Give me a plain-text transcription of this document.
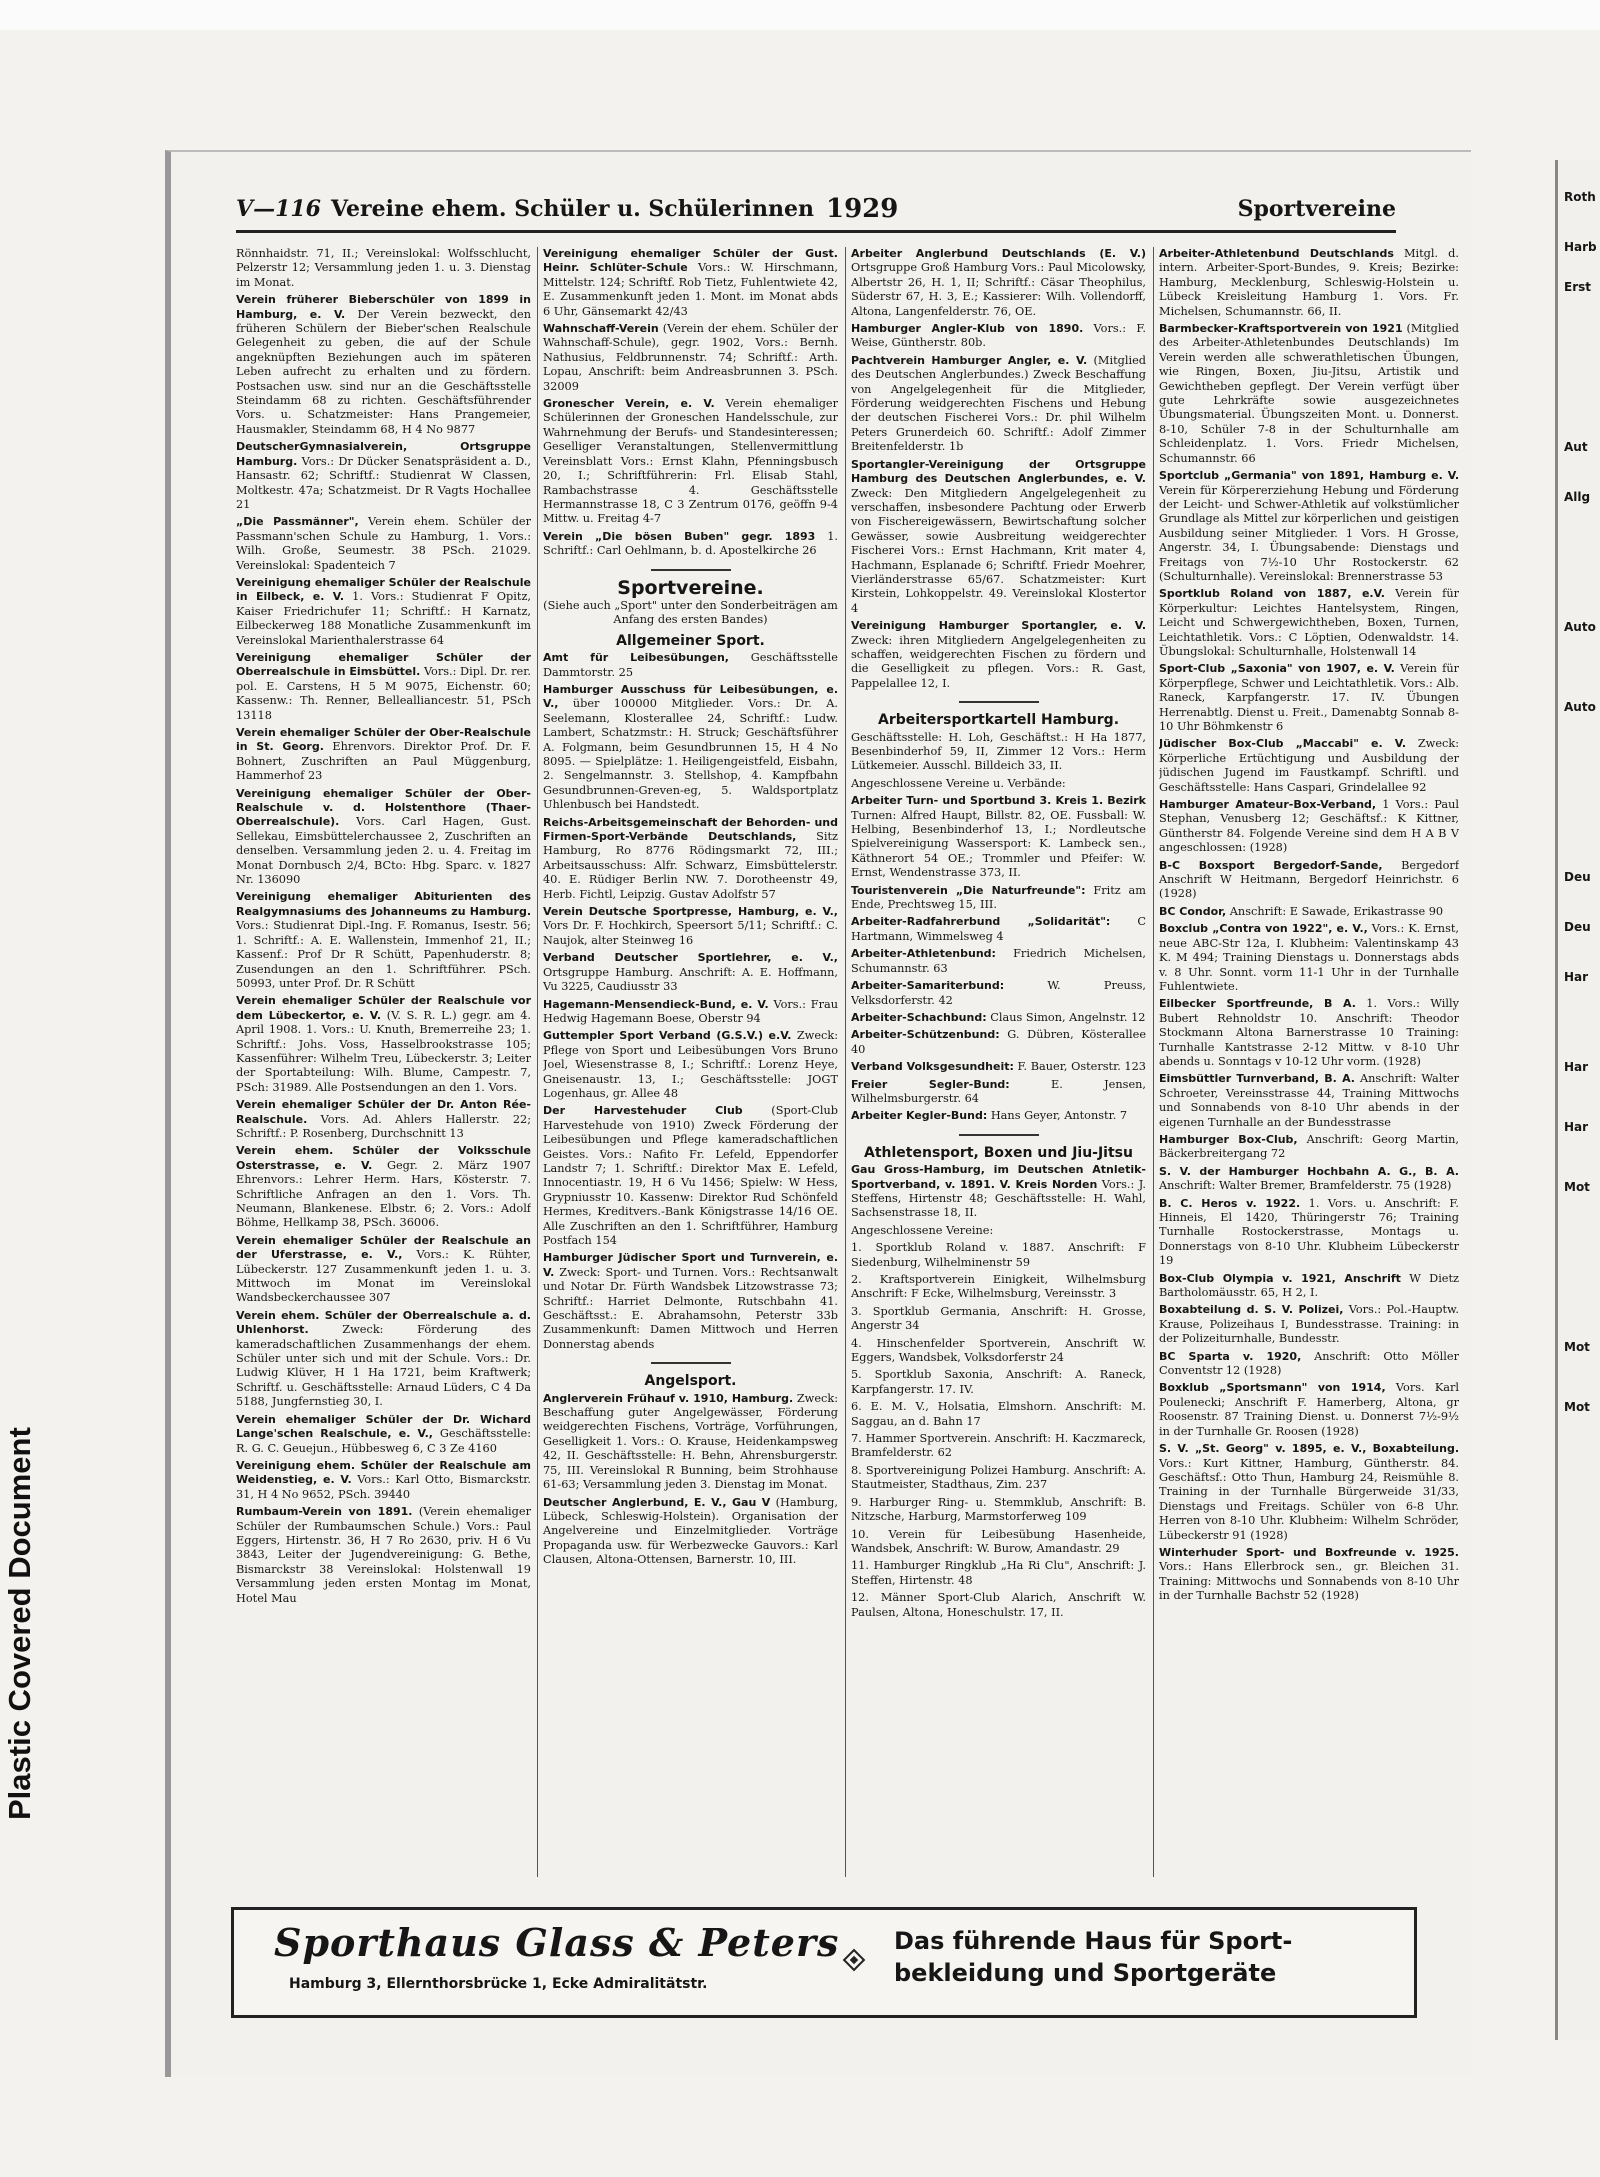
Plastic Covered Document
Roth
Harb
Erst
Aut
Allg
Auto
Auto
Deu
Deu
Har
Har
Har
Mot
Mot
Mot
V—116 Vereine ehem. Schüler u. Schülerinnen 1929	Sportvereine
Rönnhaidstr. 71, II.; Vereinslokal: Wolfsschlucht, Pelzerstr 12; Versammlung jeden 1. u. 3. Dienstag im Monat.
Verein früherer Bieberschüler von 1899 in Hamburg, e. V. Der Verein bezweckt, den früheren Schülern der Bieber'schen Realschule Gelegenheit zu geben, die auf der Schule angeknüpften Beziehungen auch im späteren Leben aufrecht zu erhalten und zu fördern. Postsachen usw. sind nur an die Geschäftsstelle Steindamm 68 zu richten. Geschäftsführender Vors. u. Schatzmeister: Hans Prangemeier, Hausmakler, Steindamm 68, H 4 No 9877
DeutscherGymnasialverein, Ortsgruppe Hamburg. Vors.: Dr Dücker Senatspräsident a. D., Hansastr. 62; Schriftf.: Studienrat W Classen, Moltkestr. 47a; Schatzmeist. Dr R Vagts Hochallee 21
„Die Passmänner", Verein ehem. Schüler der Passmann'schen Schule zu Hamburg, 1. Vors.: Wilh. Große, Seumestr. 38 PSch. 21029. Vereinslokal: Spadenteich 7
Vereinigung ehemaliger Schüler der Realschule in Eilbeck, e. V. 1. Vors.: Studienrat F Opitz, Kaiser Friedrichufer 11; Schriftf.: H Karnatz, Eilbeckerweg 188 Monatliche Zusammenkunft im Vereinslokal Marienthalerstrasse 64
Vereinigung ehemaliger Schüler der Oberrealschule in Eimsbüttel. Vors.: Dipl. Dr. rer. pol. E. Carstens, H 5 M 9075, Eichenstr. 60; Kassenw.: Th. Renner, Bellealliancestr. 51, PSch 13118
Verein ehemaliger Schüler der Ober-Realschule in St. Georg. Ehrenvors. Direktor Prof. Dr. F. Bohnert, Zuschriften an Paul Müggenburg, Hammerhof 23
Vereinigung ehemaliger Schüler der Ober-Realschule v. d. Holstenthore (Thaer-Oberrealschule). Vors. Carl Hagen, Gust. Sellekau, Eimsbüttelerchaussee 2, Zuschriften an denselben. Versammlung jeden 2. u. 4. Freitag im Monat Dornbusch 2/4, BCto: Hbg. Sparc. v. 1827 Nr. 136090
Vereinigung ehemaliger Abiturienten des Realgymnasiums des Johanneums zu Hamburg. Vors.: Studienrat Dipl.-Ing. F. Romanus, Isestr. 56; 1. Schriftf.: A. E. Wallenstein, Immenhof 21, II.; Kassenf.: Prof Dr R Schütt, Papenhuderstr. 8; Zusendungen an den 1. Schriftführer. PSch. 50993, unter Prof. Dr. R Schütt
Verein ehemaliger Schüler der Realschule vor dem Lübeckertor, e. V. (V. S. R. L.) gegr. am 4. April 1908. 1. Vors.: U. Knuth, Bremerreihe 23; 1. Schriftf.: Johs. Voss, Hasselbrookstrasse 105; Kassenführer: Wilhelm Treu, Lübeckerstr. 3; Leiter der Sportabteilung: Wilh. Blume, Campestr. 7, PSch: 31989. Alle Postsendungen an den 1. Vors.
Verein ehemaliger Schüler der Dr. Anton Rée-Realschule. Vors. Ad. Ahlers Hallerstr. 22; Schriftf.: P. Rosenberg, Durchschnitt 13
Verein ehem. Schüler der Volksschule Osterstrasse, e. V. Gegr. 2. März 1907 Ehrenvors.: Lehrer Herm. Hars, Kösterstr. 7. Schriftliche Anfragen an den 1. Vors. Th. Neumann, Blankenese. Elbstr. 6; 2. Vors.: Adolf Böhme, Hellkamp 38, PSch. 36006.
Verein ehemaliger Schüler der Realschule an der Uferstrasse, e. V., Vors.: K. Rühter, Lübeckerstr. 127 Zusammenkunft jeden 1. u. 3. Mittwoch im Monat im Vereinslokal Wandsbeckerchaussee 307
Verein ehem. Schüler der Oberrealschule a. d. Uhlenhorst.	Zweck: Förderung des kameradschaftlichen Zusammenhangs der ehem. Schüler unter sich und mit der Schule. Vors.: Dr. Ludwig Klüver, H 1 Ha 1721, beim Kraftwerk; Schriftf. u. Geschäftsstelle: Arnaud Lüders, C 4 Da 5188, Jungfernstieg 30, I.
Verein ehemaliger Schüler der Dr. Wichard Lange'schen Realschule, e. V., Geschäftsstelle: R. G. C. Geuejun., Hübbesweg 6, C 3 Ze 4160
Vereinigung ehem. Schüler der Realschule am Weidenstieg, e. V. Vors.: Karl Otto, Bismarckstr. 31, H 4 No 9652, PSch. 39440
Rumbaum-Verein von 1891. (Verein ehemaliger Schüler der Rumbaumschen Schule.) Vors.: Paul Eggers, Hirtenstr. 36, H 7 Ro 2630, priv. H 6 Vu 3843, Leiter der Jugendvereinigung: G. Bethe, Bismarckstr 38 Vereinslokal: Holstenwall 19 Versammlung jeden ersten Montag im Monat, Hotel Mau
Vereinigung ehemaliger Schüler der Gust. Heinr. Schlüter-Schule Vors.: W. Hirschmann, Mittelstr. 124; Schriftf. Rob Tietz, Fuhlentwiete 42, E. Zusammenkunft jeden 1. Mont. im Monat abds 6 Uhr, Gänsemarkt 42/43
Wahnschaff-Verein (Verein der ehem. Schüler der Wahnschaff-Schule), gegr. 1902, Vors.: Bernh. Nathusius, Feldbrunnenstr. 74; Schriftf.: Arth. Lopau, Anschrift: beim Andreasbrunnen 3. PSch. 32009
Gronescher Verein, e. V. Verein ehemaliger Schülerinnen der Groneschen Handelsschule, zur Wahrnehmung der Berufs- und Standesinteressen; Geselliger Veranstaltungen, Stellenvermittlung Vereinsblatt Vors.: Ernst Klahn, Pfenningsbusch 20, I.; Schriftführerin: Frl. Elisab Stahl, Rambachstrasse 4. Geschäftsstelle Hermannstrasse 18, C 3 Zentrum 0176, geöffn 9-4 Mittw. u. Freitag 4-7
Verein „Die bösen Buben" gegr. 1893 1. Schriftf.: Carl Oehlmann, b. d. Apostelkirche 26
Sportvereine.
(Siehe auch „Sport" unter den Sonderbeiträgen am Anfang des ersten Bandes)
Allgemeiner Sport.
Amt für Leibesübungen, Geschäftsstelle Dammtorstr. 25
Hamburger Ausschuss für Leibesübungen, e. V., über 100000 Mitglieder. Vors.: Dr. A. Seelemann, Klosterallee 24, Schriftf.: Ludw. Lambert, Schatzmstr.: H. Struck; Geschäftsführer A. Folgmann, beim Gesundbrunnen 15, H 4 No 8095. — Spielplätze: 1. Heiligengeistfeld, Eisbahn, 2. Sengelmannstr. 3. Stellshop, 4. Kampfbahn Gesundbrunnen-Greven-eg, 5. Waldsportplatz Uhlenbusch bei Handstedt.
Reichs-Arbeitsgemeinschaft der Behorden- und Firmen-Sport-Verbände Deutschlands, Sitz Hamburg, Ro 8776 Rödingsmarkt 72, III.; Arbeitsausschuss: Alfr. Schwarz, Eimsbüttelerstr. 40. E. Rüdiger Berlin NW. 7. Dorotheenstr 49, Herb. Fichtl, Leipzig. Gustav Adolfstr 57
Verein Deutsche Sportpresse, Hamburg, e. V., Vors Dr. F. Hochkirch, Speersort 5/11; Schriftf.: C. Naujok, alter Steinweg 16
Verband Deutscher Sportlehrer, e. V., Ortsgruppe Hamburg. Anschrift: A. E. Hoffmann, Vu 3225, Caudiusstr 33
Hagemann-Mensendieck-Bund, e. V. Vors.: Frau Hedwig Hagemann Boese, Oberstr 94
Guttempler Sport Verband (G.S.V.) e.V. Zweck: Pflege von Sport und Leibesübungen Vors Bruno Joel, Wiesenstrasse 8, I.; Schriftf.: Lorenz Heye, Gneisenaustr. 13, I.; Geschäftsstelle: JOGT Logenhaus, gr. Allee 48
Der Harvestehuder Club	(Sport-Club Harvestehude von 1910) Zweck Förderung der Leibesübungen und Pflege kameradschaftlichen Geistes. Vors.: Nafito Fr. Lefeld, Eppendorfer Landstr 7; 1. Schriftf.: Direktor Max E. Lefeld, Innocentiastr. 19, H 6 Vu 1456; Spielw: W Hess, Grypniusstr 10. Kassenw: Direktor Rud Schönfeld Hermes, Kreditvers.-Bank Königstrasse 14/16 OE. Alle Zuschriften an den 1. Schriftführer, Hamburg Postfach 154
Hamburger Jüdischer Sport und Turnverein, e. V. Zweck: Sport- und Turnen. Vors.: Rechtsanwalt und Notar Dr. Fürth Wandsbek Litzowstrasse 73; Schriftf.: Harriet Delmonte, Rutschbahn 41. Geschäftsst.: E. Abrahamsohn, Peterstr 33b Zusammenkunft: Damen Mittwoch und Herren Donnerstag abends
Angelsport.
Anglerverein Frühauf v. 1910, Hamburg. Zweck: Beschaffung guter Angelgewässer, Förderung weidgerechten Fischens, Vorträge, Vorführungen, Geselligkeit 1. Vors.: O. Krause, Heidenkampsweg 42, II. Geschäftsstelle: H. Behn, Ahrensburgerstr. 75, III. Vereinslokal R Bunning, beim Strohhause 61-63; Versammlung jeden 3. Dienstag im Monat.
Deutscher Anglerbund, E. V., Gau V (Hamburg, Lübeck, Schleswig-Holstein). Organisation der Angelvereine und Einzelmitglieder. Vorträge Propaganda usw. für Werbezwecke Gauvors.: Karl Clausen, Altona-Ottensen, Barnerstr. 10, III.
Arbeiter Anglerbund Deutschlands (E. V.) Ortsgruppe Groß Hamburg Vors.: Paul Micolowsky, Albertstr 26, H. 1, II; Schriftf.: Cäsar Theophilus, Süderstr 67, H. 3, E.; Kassierer: Wilh. Vollendorff, Altona, Langenfelderstr. 76, OE.
Hamburger Angler-Klub von 1890. Vors.: F. Weise, Güntherstr. 80b.
Pachtverein Hamburger Angler, e. V. (Mitglied des Deutschen Anglerbundes.) Zweck Beschaffung von Angelgelegenheit für die Mitglieder, Förderung weidgerechten Fischens und Hebung der deutschen Fischerei Vors.: Dr. phil Wilhelm Peters Grunerdeich 60. Schriftf.: Adolf Zimmer Breitenfelderstr. 1b
Sportangler-Vereinigung der Ortsgruppe Hamburg des Deutschen Anglerbundes, e. V. Zweck: Den Mitgliedern Angelgelegenheit zu verschaffen, insbesondere Pachtung oder Erwerb von Fischereigewässern, Bewirtschaftung solcher Gewässer, sowie Ausbreitung weidgerechter Fischerei Vors.: Ernst Hachmann, Krit mater 4, Hachmann, Esplanade 6; Schriftf. Friedr Moehrer, Vierländerstrasse 65/67. Schatzmeister: Kurt Kirstein, Lohkoppelstr. 49. Vereinslokal Klostertor 4
Vereinigung Hamburger Sportangler, e. V. Zweck: ihren Mitgliedern Angelgelegenheiten zu schaffen, weidgerechten Fischen zu fördern und die Geselligkeit zu pflegen. Vors.: R. Gast, Pappelallee 12, I.
Arbeitersportkartell Hamburg.
Geschäftsstelle: H. Loh, Geschäftst.: H Ha 1877, Besenbinderhof 59, II, Zimmer 12 Vors.: Herm Lütkemeier. Ausschl. Billdeich 33, II.
Angeschlossene Vereine u. Verbände:
Arbeiter Turn- und Sportbund 3. Kreis 1. Bezirk Turnen: Alfred Haupt, Billstr. 82, OE. Fussball: W. Helbing, Besenbinderhof 13, I.; Nordleutsche Spielvereinigung Wassersport: K. Lambeck sen., Käthnerort 54 OE.; Trommler und Pfeifer: W. Ernst, Wendenstrasse 373, II.
Touristenverein „Die Naturfreunde": Fritz am Ende, Prechtsweg 15, III.
Arbeiter-Radfahrerbund „Solidarität": C Hartmann, Wimmelsweg 4
Arbeiter-Athletenbund: Friedrich Michelsen, Schumannstr. 63
Arbeiter-Samariterbund:	W. Preuss, Velksdorferstr. 42
Arbeiter-Schachbund: Claus Simon, Angelnstr. 12
Arbeiter-Schützenbund: G. Dübren, Kösterallee 40
Verband Volksgesundheit: F. Bauer, Osterstr. 123
Freier Segler-Bund:	E. Jensen, Wilhelmsburgerstr. 64
Arbeiter Kegler-Bund: Hans Geyer, Antonstr. 7
Athletensport, Boxen und Jiu-Jitsu
Gau Gross-Hamburg, im Deutschen Atnletik-Sportverband, v. 1891. V. Kreis Norden Vors.: J. Steffens, Hirtenstr 48; Geschäftsstelle: H. Wahl, Sachsenstrasse 18, II.
Angeschlossene Vereine:
1. Sportklub Roland v. 1887. Anschrift: F Siedenburg, Wilhelminenstr 59
2. Kraftsportverein Einigkeit, Wilhelmsburg Anschrift: F Ecke, Wilhelmsburg, Vereinsstr. 3
3. Sportklub Germania, Anschrift: H. Grosse, Angerstr 34
4. Hinschenfelder Sportverein, Anschrift W. Eggers, Wandsbek, Volksdorferstr 24
5. Sportklub Saxonia, Anschrift: A. Raneck, Karpfangerstr. 17. IV.
6. E. M. V., Holsatia, Elmshorn. Anschrift: M. Saggau, an d. Bahn 17
7. Hammer Sportverein. Anschrift: H. Kaczmareck, Bramfelderstr. 62
8. Sportvereinigung Polizei Hamburg. Anschrift: A. Stautmeister, Stadthaus, Zim. 237
9. Harburger Ring- u. Stemmklub, Anschrift: B. Nitzsche, Harburg, Marmstorferweg 109
10. Verein für Leibesübung Hasenheide, Wandsbek, Anschrift: W. Burow, Amandastr. 29
11. Hamburger Ringklub „Ha Ri Clu", Anschrift: J. Steffen, Hirtenstr. 48
12. Männer Sport-Club Alarich, Anschrift W. Paulsen, Altona, Honeschulstr. 17, II.
Arbeiter-Athletenbund Deutschlands Mitgl. d. intern. Arbeiter-Sport-Bundes, 9. Kreis; Bezirke: Hamburg, Mecklenburg, Schleswig-Holstein u. Lübeck Kreisleitung Hamburg 1. Vors. Fr. Michelsen, Schumannstr. 66, II.
Barmbecker-Kraftsportverein von 1921 (Mitglied des Arbeiter-Athletenbundes Deutschlands) Im Verein werden alle schwerathletischen Übungen, wie Ringen, Boxen, Jiu-Jitsu, Artistik und Gewichtheben gepflegt. Der Verein verfügt über gute Lehrkräfte sowie ausgezeichnetes Übungsmaterial. Übungszeiten Mont. u. Donnerst. 8-10, Schüler 7-8 in der Schulturnhalle am Schleidenplatz. 1. Vors. Friedr Michelsen, Schumannstr. 66
Sportclub „Germania" von 1891, Hamburg e. V. Verein für Körpererziehung Hebung und Förderung der Leicht- und Schwer-Athletik auf volkstümlicher Grundlage als Mittel zur körperlichen und geistigen Ausbildung seiner Mitglieder. 1 Vors. H Grosse, Angerstr. 34, I. Übungsabende: Dienstags und Freitags von 7½-10 Uhr Rostockerstr. 62 (Schulturnhalle). Vereinslokal: Brennerstrasse 53
Sportklub Roland von 1887, e.V. Verein für Körperkultur: Leichtes Hantelsystem, Ringen, Leicht und Schwergewichtheben, Boxen, Turnen, Leichtathletik. Vors.: C Löptien, Odenwaldstr. 14. Übungslokal: Schulturnhalle, Holstenwall 14
Sport-Club „Saxonia" von 1907, e. V. Verein für Körperpflege, Schwer und Leichtathletik. Vors.: Alb. Raneck, Karpfangerstr. 17. IV. Übungen Herrenabtlg. Dienst u. Freit., Damenabtg Sonnab 8-10 Uhr Böhmkenstr 6
Jüdischer Box-Club „Maccabi" e. V. Zweck: Körperliche Ertüchtigung und Ausbildung der jüdischen Jugend im Faustkampf. Schriftl. und Geschäftsstelle: Hans Caspari, Grindelallee 92
Hamburger Amateur-Box-Verband, 1 Vors.: Paul Stephan, Venusberg 12; Geschäftsf.: K Kittner, Güntherstr 84. Folgende Vereine sind dem H A B V angeschlossen: (1928)
B-C Boxsport Bergedorf-Sande, Bergedorf Anschrift W Heitmann, Bergedorf Heinrichstr. 6 (1928)
BC Condor, Anschrift: E Sawade, Erikastrasse 90
Boxclub „Contra von 1922", e. V., Vors.: K. Ernst, neue ABC-Str 12a, I. Klubheim: Valentinskamp 43 K. M 494; Training Dienstags u. Donnerstags abds v. 8 Uhr. Sonnt. vorm 11-1 Uhr in der Turnhalle Fuhlentwiete.
Eilbecker Sportfreunde, B A. 1. Vors.: Willy Bubert Rehnoldstr 10. Anschrift: Theodor Stockmann Altona Barnerstrasse 10 Training: Turnhalle Kantstrasse 2-12 Mittw. v 8-10 Uhr abends u. Sonntags v 10-12 Uhr vorm. (1928)
Eimsbüttler Turnverband, B. A. Anschrift: Walter Schroeter, Vereinsstrasse 44, Training Mittwochs und Sonnabends von 8-10 Uhr abends in der eigenen Turnhalle an der Bundesstrasse
Hamburger Box-Club, Anschrift: Georg Martin, Bäckerbreitergang 72
S. V. der Hamburger Hochbahn A. G., B. A. Anschrift: Walter Bremer, Bramfelderstr. 75 (1928)
B. C. Heros v. 1922. 1. Vors. u. Anschrift: F. Hinneis, El 1420, Thüringerstr 76; Training Turnhalle Rostockerstrasse, Montags u. Donnerstags von 8-10 Uhr. Klubheim Lübeckerstr 19
Box-Club Olympia v. 1921, Anschrift W Dietz Bartholomäusstr. 65, H 2, I.
Boxabteilung d. S. V. Polizei, Vors.: Pol.-Hauptw. Krause, Polizeihaus I, Bundesstrasse. Training: in der Polizeiturnhalle, Bundesstr.
BC Sparta v. 1920, Anschrift: Otto Möller Conventstr 12 (1928)
Boxklub „Sportsmann" von 1914, Vors. Karl Poulenecki; Anschrift F. Hamerberg, Altona, gr Roosenstr. 87 Training Dienst. u. Donnerst 7½-9½ in der Turnhalle Gr. Roosen (1928)
S. V. „St. Georg" v. 1895, e. V., Boxabteilung. Vors.: Kurt Kittner, Hamburg, Güntherstr. 84. Geschäftsf.: Otto Thun, Hamburg 24, Reismühle 8. Training in der Turnhalle Bürgerweide 31/33, Dienstags und Freitags. Schüler von 6-8 Uhr. Herren von 8-10 Uhr. Klubheim: Wilhelm Schröder, Lübeckerstr 91 (1928)
Winterhuder Sport- und Boxfreunde v. 1925. Vors.: Hans Ellerbrock sen., gr. Bleichen 31. Training: Mittwochs und Sonnabends von 8-10 Uhr in der Turnhalle Bachstr 52 (1928)
Sporthaus Glass & Peters
Hamburg 3, Ellernthorsbrücke 1, Ecke Admiralitätstr.
Das führende Haus für Sport-
bekleidung und Sportgeräte
